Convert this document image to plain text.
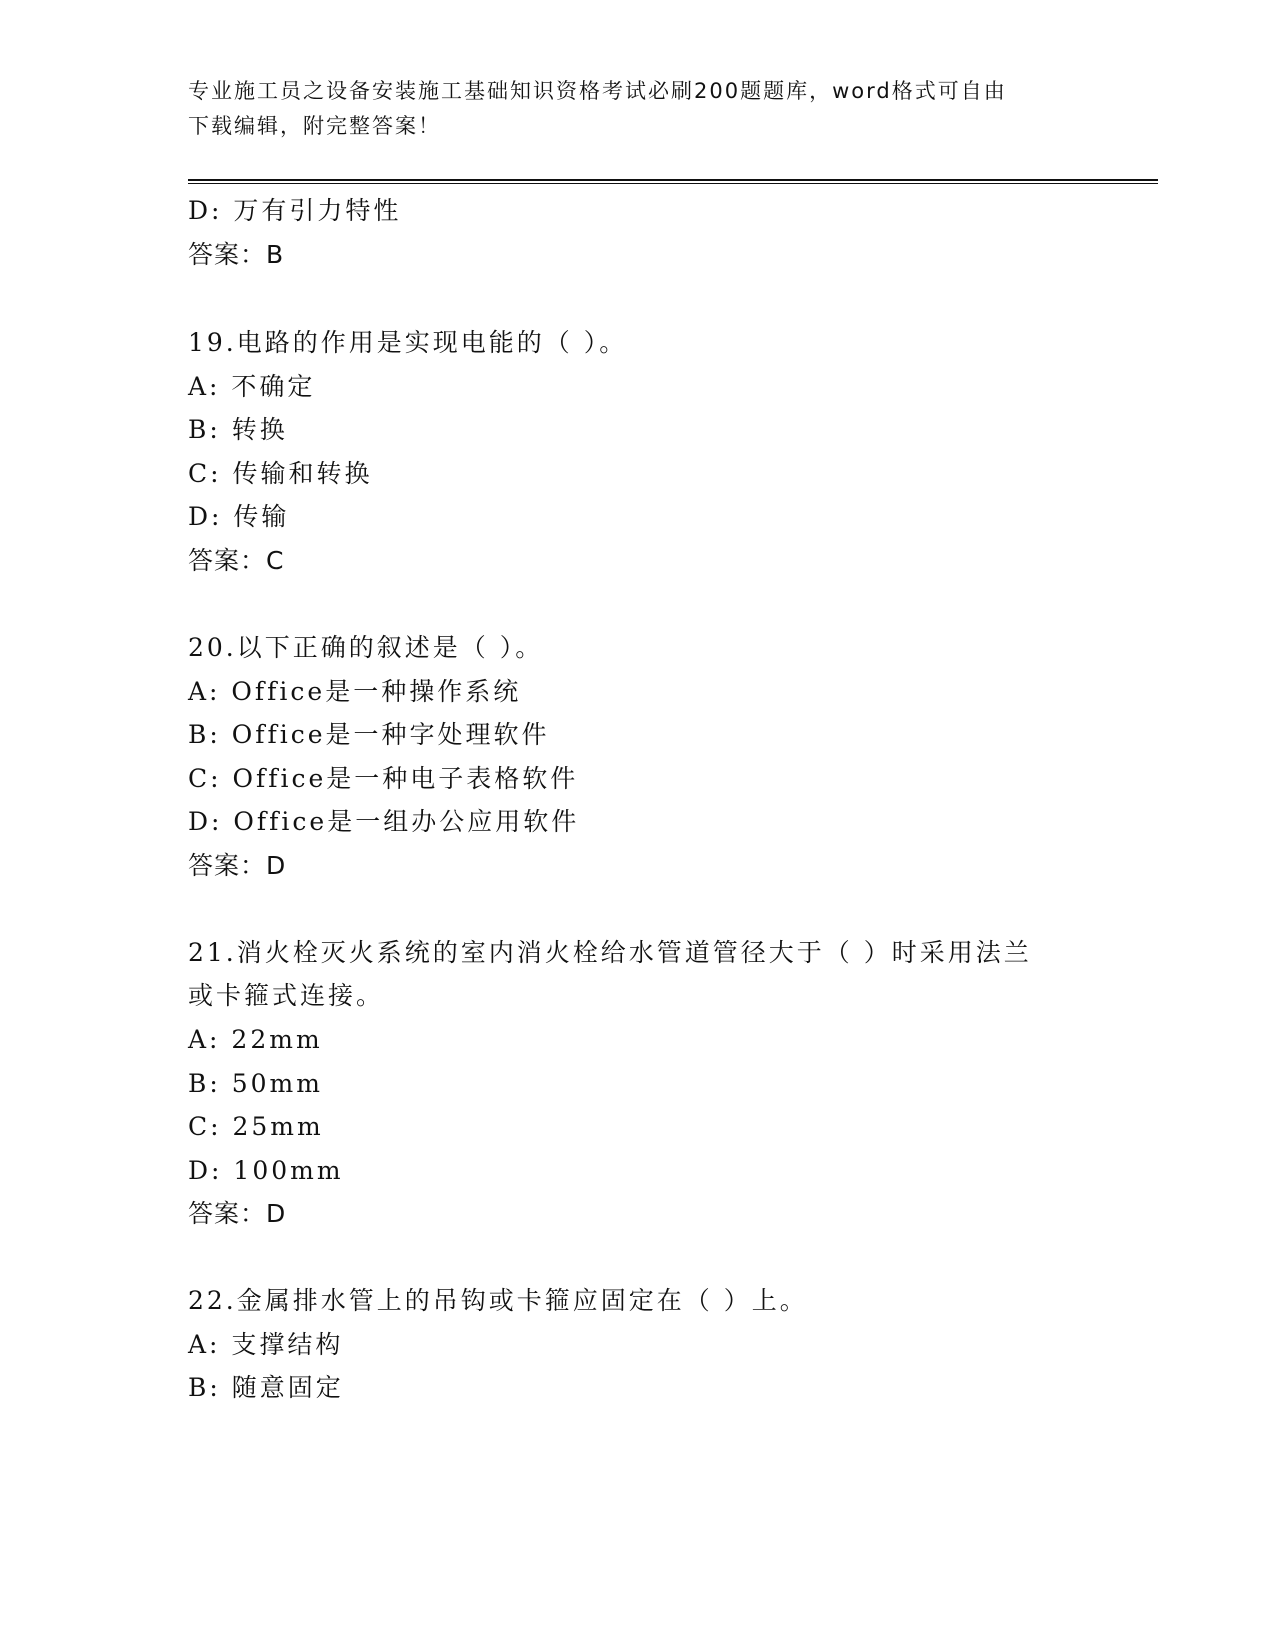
专业施工员之设备安装施工基础知识资格考试必刷200题题库，word格式可自由
下载编辑，附完整答案！
D: 万有引力特性
答案：B
19.电路的作用是实现电能的（ ）。
A: 不确定
B: 转换
C: 传输和转换
D: 传输
答案：C
20.以下正确的叙述是（ ）。
A: Office是一种操作系统
B: Office是一种字处理软件
C: Office是一种电子表格软件
D: Office是一组办公应用软件
答案：D
21.消火栓灭火系统的室内消火栓给水管道管径大于（ ）时采用法兰
或卡箍式连接。
A: 22mm
B: 50mm
C: 25mm
D: 100mm
答案：D
22.金属排水管上的吊钩或卡箍应固定在（ ）上。
A: 支撑结构
B: 随意固定
